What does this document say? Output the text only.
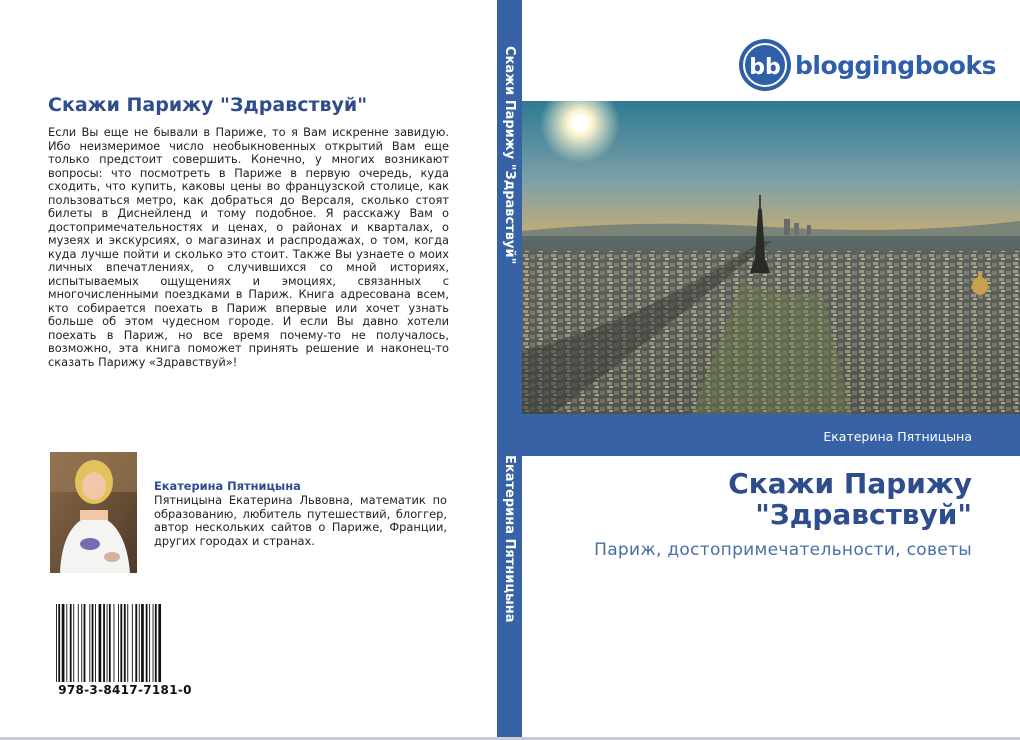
Скажи Парижу "Здравствуй"

Если Вы еще не бывали в Париже, то я Вам искренне завидую. Ибо неизмеримое число необыкновенных открытий Вам еще только предстоит совершить. Конечно, у многих возникают вопросы: что посмотреть в Париже в первую очередь, куда сходить, что купить, каковы цены во французской столице, как пользоваться метро, как добраться до Версаля, сколько стоят билеты в Диснейленд и тому подобное. Я расскажу Вам о достопримечательностях и ценах, о районах и кварталах, о музеях и экскурсиях, о магазинах и распродажах, о том, когда куда лучше пойти и сколько это стоит. Также Вы узнаете о моих личных впечатлениях, о случившихся со мной историях, испытываемых ощущениях и эмоциях, связанных с многочисленными поездками в Париж. Книга адресована всем, кто собирается поехать в Париж впервые или хочет узнать больше об этом чудесном городе. И если Вы давно хотели поехать в Париж, но все время почему-то не получалось, возможно, эта книга поможет принять решение и наконец-то сказать Парижу «Здравствуй»!

Екатерина Пятницына

Пятницына Екатерина Львовна, математик по образованию, любитель путешествий, блоггер, автор нескольких сайтов о Париже, Франции, других городах и странах.

978-3-8417-7181-0
Скажи Парижу "Здравствуй"
Екатерина Пятницына
bb bloggingbooks
Екатерина Пятницына
Скажи Парижу "Здравствуй"
Париж, достопримечательности, советы
